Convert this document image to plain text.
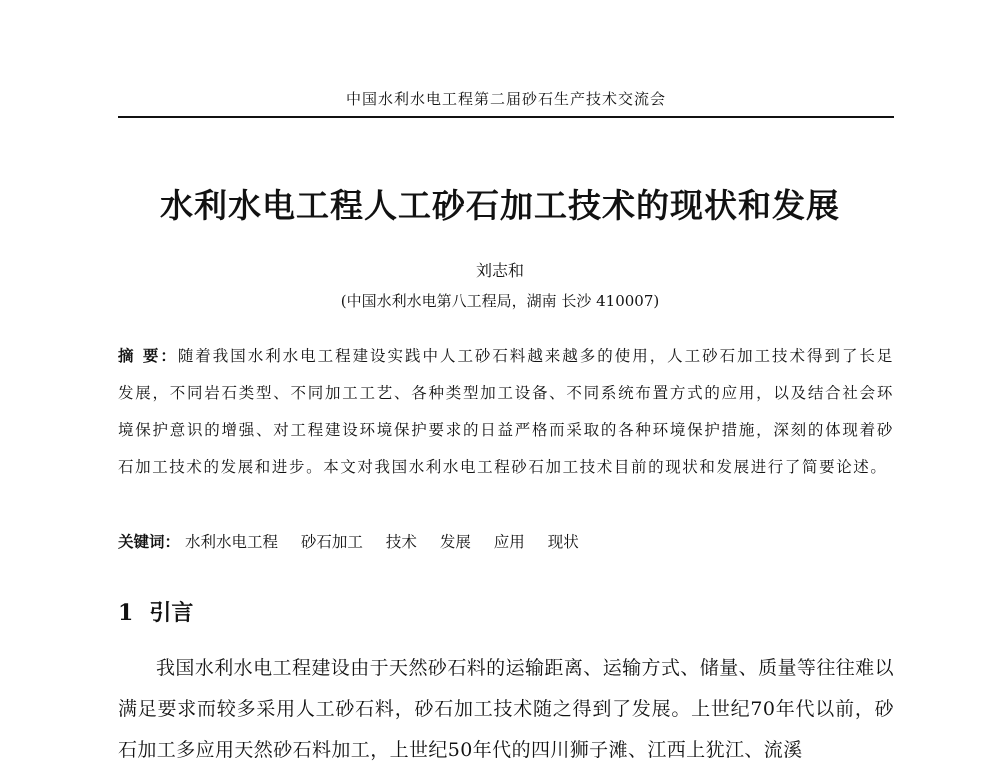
中国水利水电工程第二届砂石生产技术交流会
水利水电工程人工砂石加工技术的现状和发展
刘志和
(中国水利水电第八工程局，湖南 长沙 410007)
摘 要：随着我国水利水电工程建设实践中人工砂石料越来越多的使用，人工砂石加工技术得到了长足发展，不同岩石类型、不同加工工艺、各种类型加工设备、不同系统布置方式的应用，以及结合社会环境保护意识的增强、对工程建设环境保护要求的日益严格而采取的各种环境保护措施，深刻的体现着砂石加工技术的发展和进步。本文对我国水利水电工程砂石加工技术目前的现状和发展进行了简要论述。
关键词： 水利水电工程 砂石加工 技术 发展 应用 现状
1 引言
我国水利水电工程建设由于天然砂石料的运输距离、运输方式、储量、质量等往往难以满足要求而较多采用人工砂石料，砂石加工技术随之得到了发展。上世纪70年代以前，砂石加工多应用天然砂石料加工，上世纪50年代的四川狮子滩、江西上犹江、流溪
